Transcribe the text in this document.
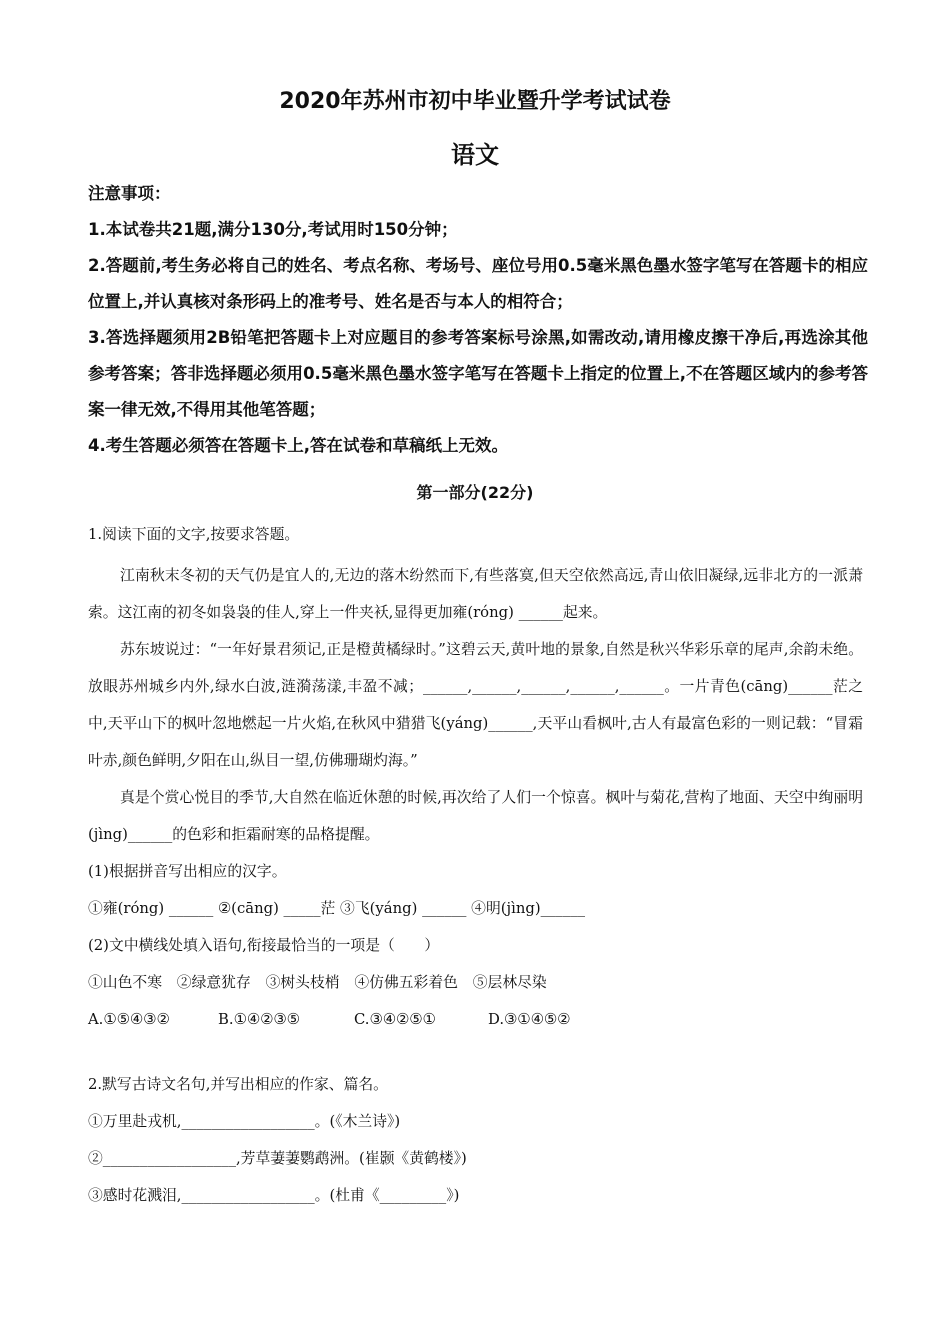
2020年苏州市初中毕业暨升学考试试卷
语文

注意事项：

1.本试卷共21题,满分130分,考试用时150分钟；

2.答题前,考生务必将自己的姓名、考点名称、考场号、座位号用0.5毫米黑色墨水签字笔写在答题卡的相应位置上,并认真核对条形码上的准考号、姓名是否与本人的相符合；

3.答选择题须用2B铅笔把答题卡上对应题目的参考答案标号涂黑,如需改动,请用橡皮擦干净后,再选涂其他参考答案；答非选择题必须用0.5毫米黑色墨水签字笔写在答题卡上指定的位置上,不在答题区域内的参考答案一律无效,不得用其他笔答题；

4.考生答题必须答在答题卡上,答在试卷和草稿纸上无效。

第一部分(22分)

1.阅读下面的文字,按要求答题。

江南秋末冬初的天气仍是宜人的,无边的落木纷然而下,有些落寞,但天空依然高远,青山依旧凝绿,远非北方的一派萧索。这江南的初冬如袅袅的佳人,穿上一件夹袄,显得更加雍(róng) ______起来。

苏东坡说过：“一年好景君须记,正是橙黄橘绿时。”这碧云天,黄叶地的景象,自然是秋兴华彩乐章的尾声,余韵未绝。放眼苏州城乡内外,绿水白波,涟漪荡漾,丰盈不减；______,______,______,______,______。一片青色(cāng)______茫之中,天平山下的枫叶忽地燃起一片火焰,在秋风中猎猎飞(yáng)______,天平山看枫叶,古人有最富色彩的一则记载：“冒霜叶赤,颜色鲜明,夕阳在山,纵目一望,仿佛珊瑚灼海。”

真是个赏心悦目的季节,大自然在临近休憩的时候,再次给了人们一个惊喜。枫叶与菊花,营构了地面、天空中绚丽明(jìng)______的色彩和拒霜耐寒的品格提醒。

(1)根据拼音写出相应的汉字。

①雍(róng) ______ ②(cāng) _____茫 ③飞(yáng) ______ ④明(jìng)______

(2)文中横线处填入语句,衔接最恰当的一项是（　　）

①山色不寒　②绿意犹存　③树头枝梢　④仿佛五彩着色　⑤层林尽染

A.①⑤④③②	B.①④②③⑤	C.③④②⑤①	D.③①④⑤②

2.默写古诗文名句,并写出相应的作家、篇名。

①万里赴戎机,__________________。(《木兰诗》)

②__________________,芳草萋萋鹦鹉洲。(崔颢《黄鹤楼》)

③感时花溅泪,__________________。(杜甫《_________》)
